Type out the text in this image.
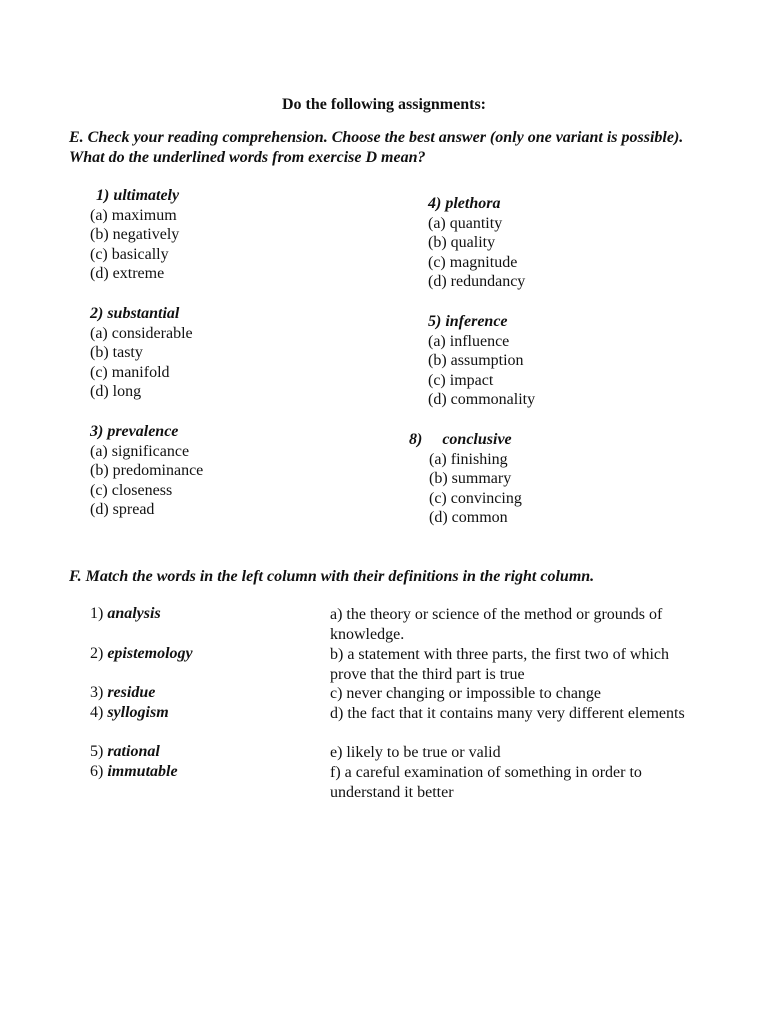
Do the following assignments:
E. Check your reading comprehension. Choose the best answer (only one variant is possible). What do the underlined words from exercise D mean?
1) ultimately
(a) maximum
(b) negatively
(c) basically
(d) extreme
2) substantial
(a) considerable
(b) tasty
(c) manifold
(d) long
3) prevalence
(a) significance
(b) predominance
(c) closeness
(d) spread
4) plethora
(a) quantity
(b) quality
(c) magnitude
(d) redundancy
5) inference
(a) influence
(b) assumption
(c) impact
(d) commonality
8)     conclusive
(a) finishing
(b) summary
(c) convincing
(d) common
F. Match the words in the left column with their definitions in the right column.
1) analysis
2) epistemology
3) residue
4) syllogism
5) rational
6) immutable
a) the theory or science of the method or grounds of knowledge.
b) a statement with three parts, the first two of which prove that the third part is true
c) never changing or impossible to change
d) the fact that it contains many very different elements
e) likely to be true or valid
f) a careful examination of something in order to understand it better
